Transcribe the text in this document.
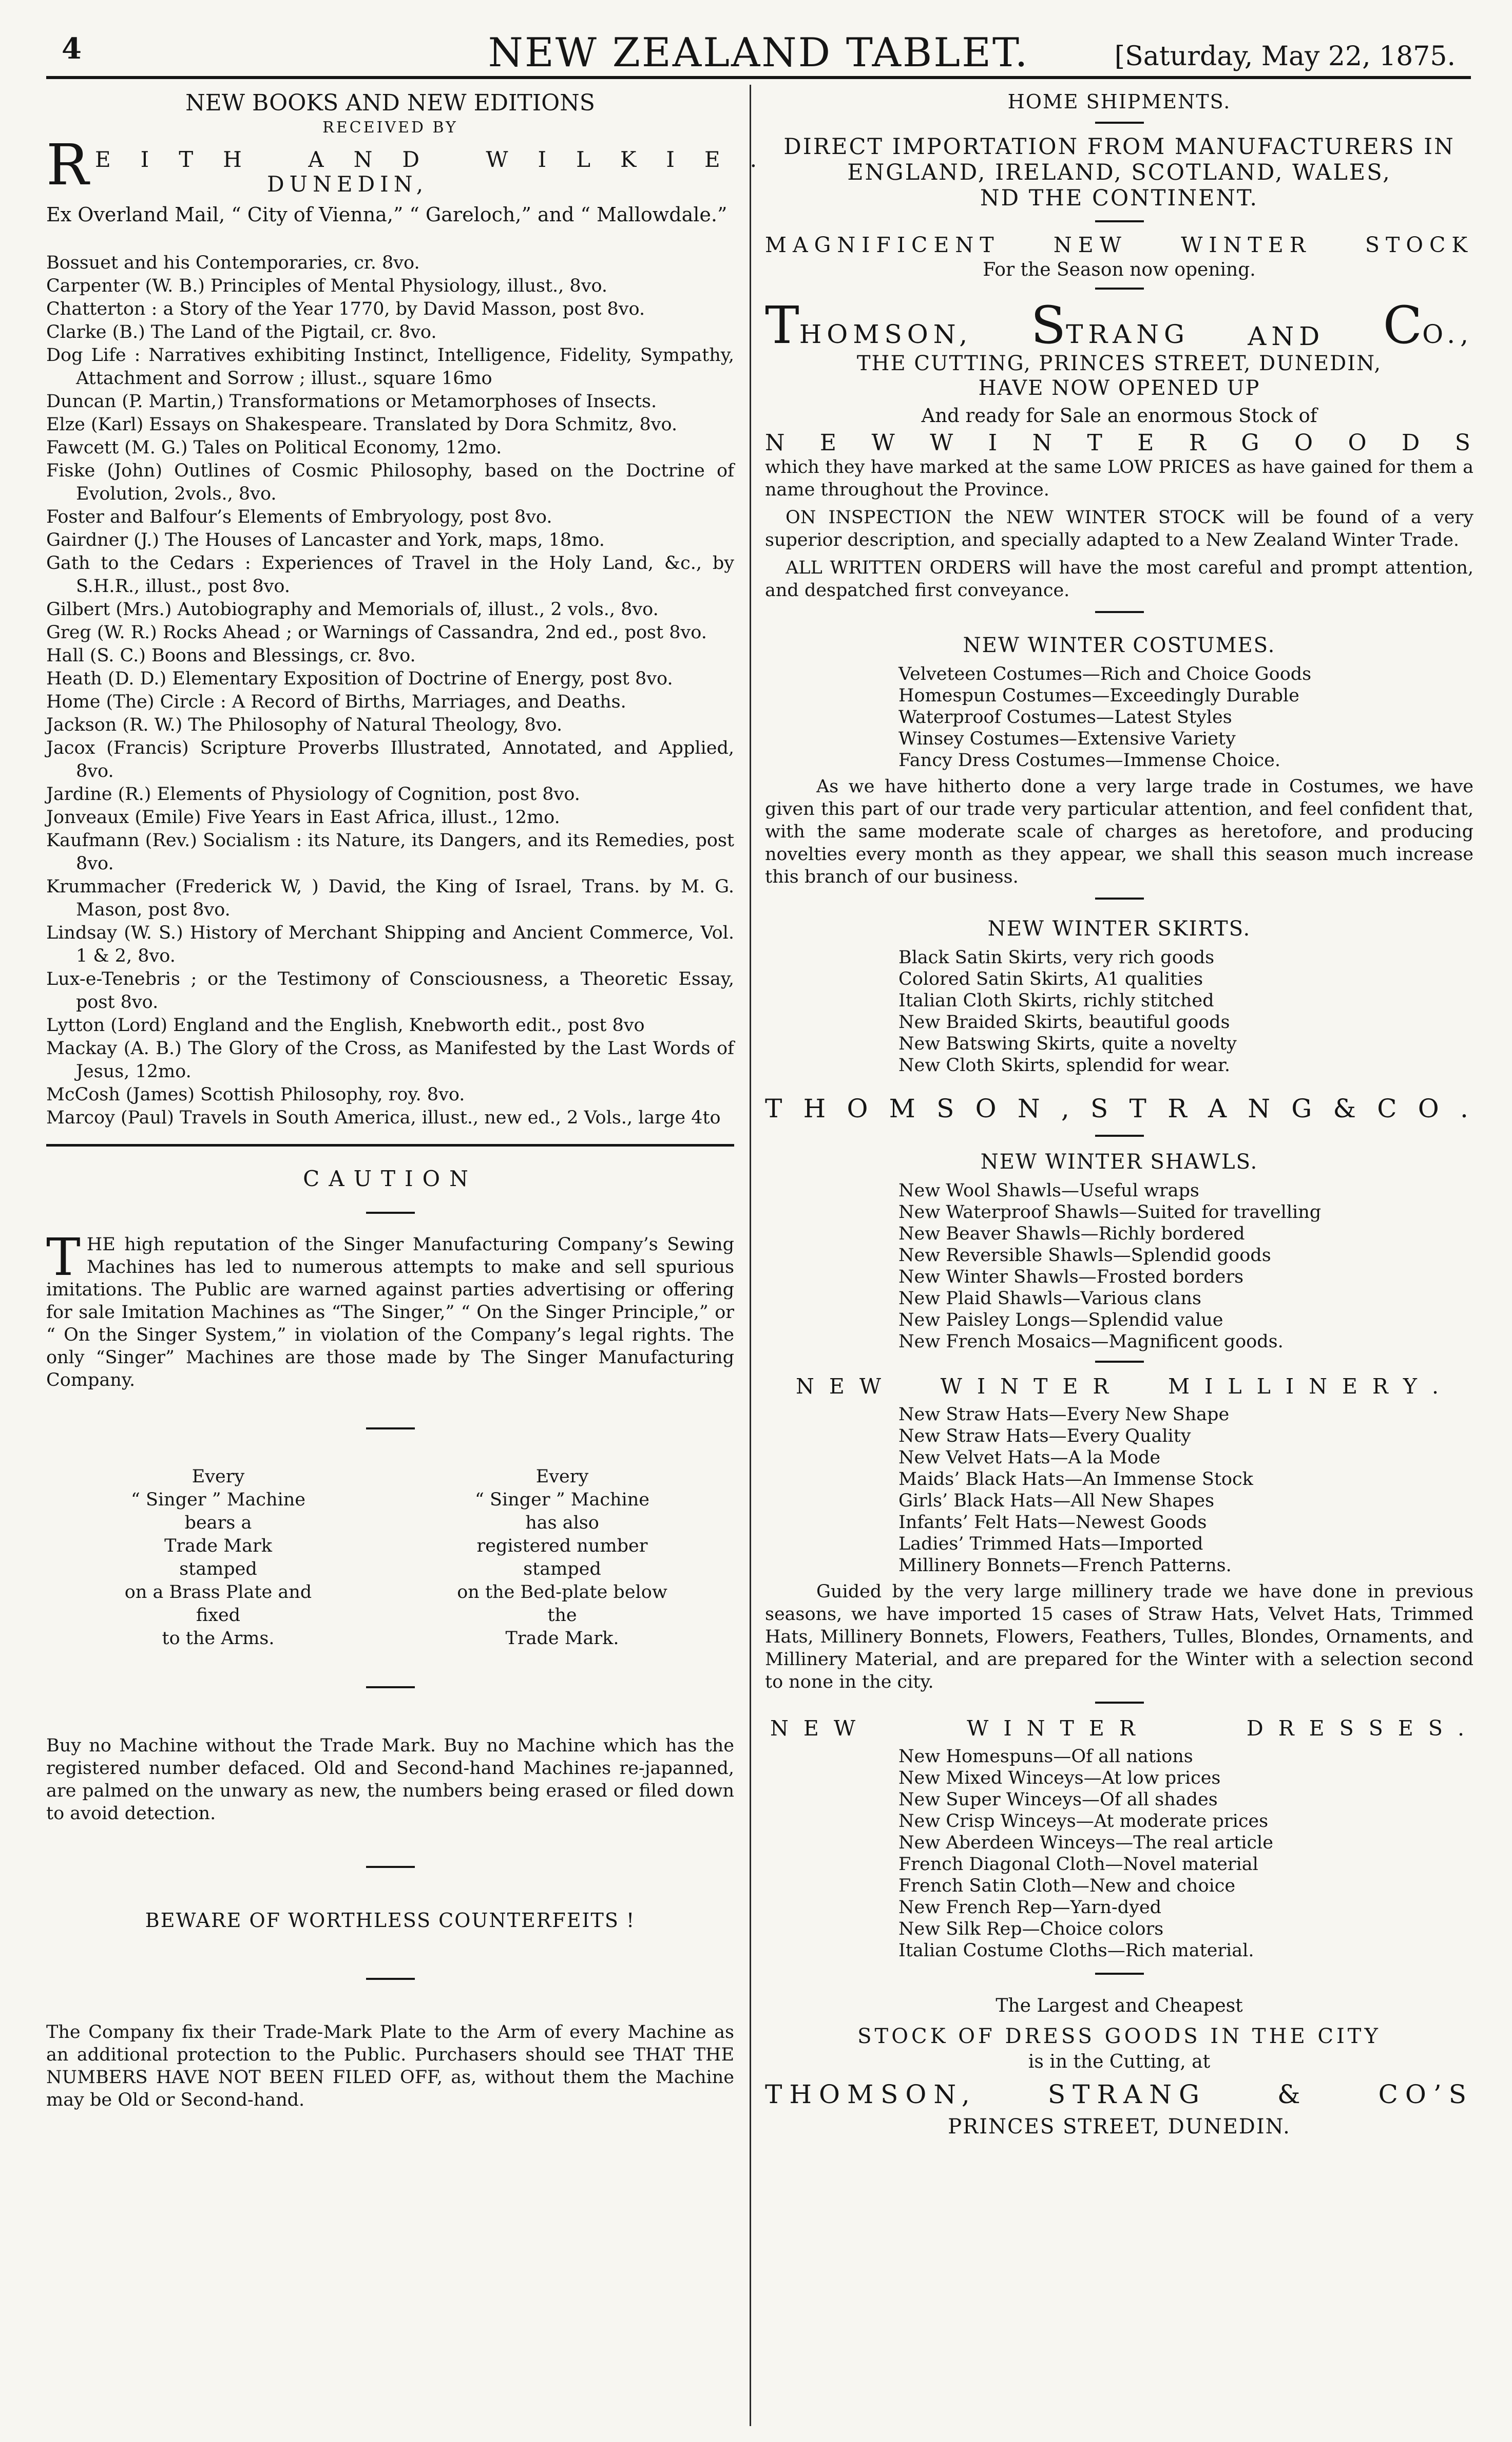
4	NEW ZEALAND TABLET.	[Saturday, May 22, 1875.

NEW BOOKS AND NEW EDITIONS

RECEIVED BY

R EITH AND WILKIE.
DUNEDIN,

Ex Overland Mail, “ City of Vienna,” “ Gareloch,” and “ Mallowdale.”

Bossuet and his Contemporaries, cr. 8vo.
Carpenter (W. B.) Principles of Mental Physiology, illust., 8vo.
Chatterton : a Story of the Year 1770, by David Masson, post 8vo.
Clarke (B.) The Land of the Pigtail, cr. 8vo.
Dog Life : Narratives exhibiting Instinct, Intelligence, Fidelity, Sympathy, Attachment and Sorrow ; illust., square 16mo
Duncan (P. Martin,) Transformations or Metamorphoses of Insects.
Elze (Karl) Essays on Shakespeare. Translated by Dora Schmitz, 8vo.
Fawcett (M. G.) Tales on Political Economy, 12mo.
Fiske (John) Outlines of Cosmic Philosophy, based on the Doctrine of Evolution, 2vols., 8vo.
Foster and Balfour’s Elements of Embryology, post 8vo.
Gairdner (J.) The Houses of Lancaster and York, maps, 18mo.
Gath to the Cedars : Experiences of Travel in the Holy Land, &c., by S.H.R., illust., post 8vo.
Gilbert (Mrs.) Autobiography and Memorials of, illust., 2 vols., 8vo.
Greg (W. R.) Rocks Ahead ; or Warnings of Cassandra, 2nd ed., post 8vo.
Hall (S. C.) Boons and Blessings, cr. 8vo.
Heath (D. D.) Elementary Exposition of Doctrine of Energy, post 8vo.
Home (The) Circle : A Record of Births, Marriages, and Deaths.
Jackson (R. W.) The Philosophy of Natural Theology, 8vo.
Jacox (Francis) Scripture Proverbs Illustrated, Annotated, and Applied, 8vo.
Jardine (R.) Elements of Physiology of Cognition, post 8vo.
Jonveaux (Emile) Five Years in East Africa, illust., 12mo.
Kaufmann (Rev.) Socialism : its Nature, its Dangers, and its Remedies, post 8vo.
Krummacher (Frederick W, ) David, the King of Israel, Trans. by M. G. Mason, post 8vo.
Lindsay (W. S.) History of Merchant Shipping and Ancient Commerce, Vol. 1 & 2, 8vo.
Lux-e-Tenebris ; or the Testimony of Consciousness, a Theoretic Essay, post 8vo.
Lytton (Lord) England and the English, Knebworth edit., post 8vo
Mackay (A. B.) The Glory of the Cross, as Manifested by the Last Words of Jesus, 12mo.
McCosh (James) Scottish Philosophy, roy. 8vo.
Marcoy (Paul) Travels in South America, illust., new ed., 2 Vols., large 4to

CAUTION

THE high reputation of the Singer Manufacturing Company’s Sewing Machines has led to numerous attempts to make and sell spurious imitations. The Public are warned against parties advertising or offering for sale Imitation Machines as “The Singer,” “ On the Singer Principle,” or “ On the Singer System,” in violation of the Company’s legal rights. The only “Singer” Machines are those made by The Singer Manufacturing Company.

Every
“ Singer ” Machine
bears a
Trade Mark
stamped
on a Brass Plate and
fixed
to the Arms.
Every
“ Singer ” Machine
has also
registered number
stamped
on the Bed-plate below
the
Trade Mark.

Buy no Machine without the Trade Mark. Buy no Machine which has the registered number defaced. Old and Second-hand Machines re-japanned, are palmed on the unwary as new, the numbers being erased or filed down to avoid detection.

BEWARE OF WORTHLESS COUNTERFEITS !

The Company fix their Trade-Mark Plate to the Arm of every Machine as an additional protection to the Public. Purchasers should see THAT THE NUMBERS HAVE NOT BEEN FILED OFF, as, without them the Machine may be Old or Second-hand.

HOME SHIPMENTS.

DIRECT IMPORTATION FROM MANUFACTURERS IN

ENGLAND, IRELAND, SCOTLAND, WALES,

ND THE CONTINENT.

MAGNIFICENT	NEW	WINTER	STOCK

For the Season now opening.

THOMSON, STRANG AND CO.,

THE CUTTING, PRINCES STREET, DUNEDIN,

HAVE NOW OPENED UP

And ready for Sale an enormous Stock of

N E W W I N T E R G O O D S

which they have marked at the same LOW PRICES as have gained for them a name throughout the Province.

ON INSPECTION the NEW WINTER STOCK will be found of a very superior description, and specially adapted to a New Zealand Winter Trade.

ALL WRITTEN ORDERS will have the most careful and prompt attention, and despatched first conveyance.

NEW WINTER COSTUMES.

Velveteen Costumes—Rich and Choice Goods
Homespun Costumes—Exceedingly Durable
Waterproof Costumes—Latest Styles
Winsey Costumes—Extensive Variety
Fancy Dress Costumes—Immense Choice.

As we have hitherto done a very large trade in Costumes, we have given this part of our trade very particular attention, and feel confident that, with the same moderate scale of charges as heretofore, and producing novelties every month as they appear, we shall this season much increase this branch of our business.

NEW WINTER SKIRTS.

Black Satin Skirts, very rich goods
Colored Satin Skirts, A1 qualities
Italian Cloth Skirts, richly stitched
New Braided Skirts, beautiful goods
New Batswing Skirts, quite a novelty
New Cloth Skirts, splendid for wear.
T H O M S O N , S T R A N G & C O .

NEW WINTER SHAWLS.

New Wool Shawls—Useful wraps
New Waterproof Shawls—Suited for travelling
New Beaver Shawls—Richly bordered
New Reversible Shawls—Splendid goods
New Winter Shawls—Frosted borders
New Plaid Shawls—Various clans
New Paisley Longs—Splendid value
New French Mosaics—Magnificent goods.
N E W	W I N T E R	M I L L I N E R Y .
New Straw Hats—Every New Shape
New Straw Hats—Every Quality
New Velvet Hats—A la Mode
Maids’ Black Hats—An Immense Stock
Girls’ Black Hats—All New Shapes
Infants’ Felt Hats—Newest Goods
Ladies’ Trimmed Hats—Imported
Millinery Bonnets—French Patterns.

Guided by the very large millinery trade we have done in previous seasons, we have imported 15 cases of Straw Hats, Velvet Hats, Trimmed Hats, Millinery Bonnets, Flowers, Feathers, Tulles, Blondes, Ornaments, and Millinery Material, and are prepared for the Winter with a selection second to none in the city.

N E W	W I N T E R	D R E S S E S .
New Homespuns—Of all nations
New Mixed Winceys—At low prices
New Super Winceys—Of all shades
New Crisp Winceys—At moderate prices
New Aberdeen Winceys—The real article
French Diagonal Cloth—Novel material
French Satin Cloth—New and choice
New French Rep—Yarn-dyed
New Silk Rep—Choice colors
Italian Costume Cloths—Rich material.

The Largest and Cheapest

STOCK OF DRESS GOODS IN THE CITY

is in the Cutting, at

THOMSON,	STRANG	&	CO’S

PRINCES STREET, DUNEDIN.
